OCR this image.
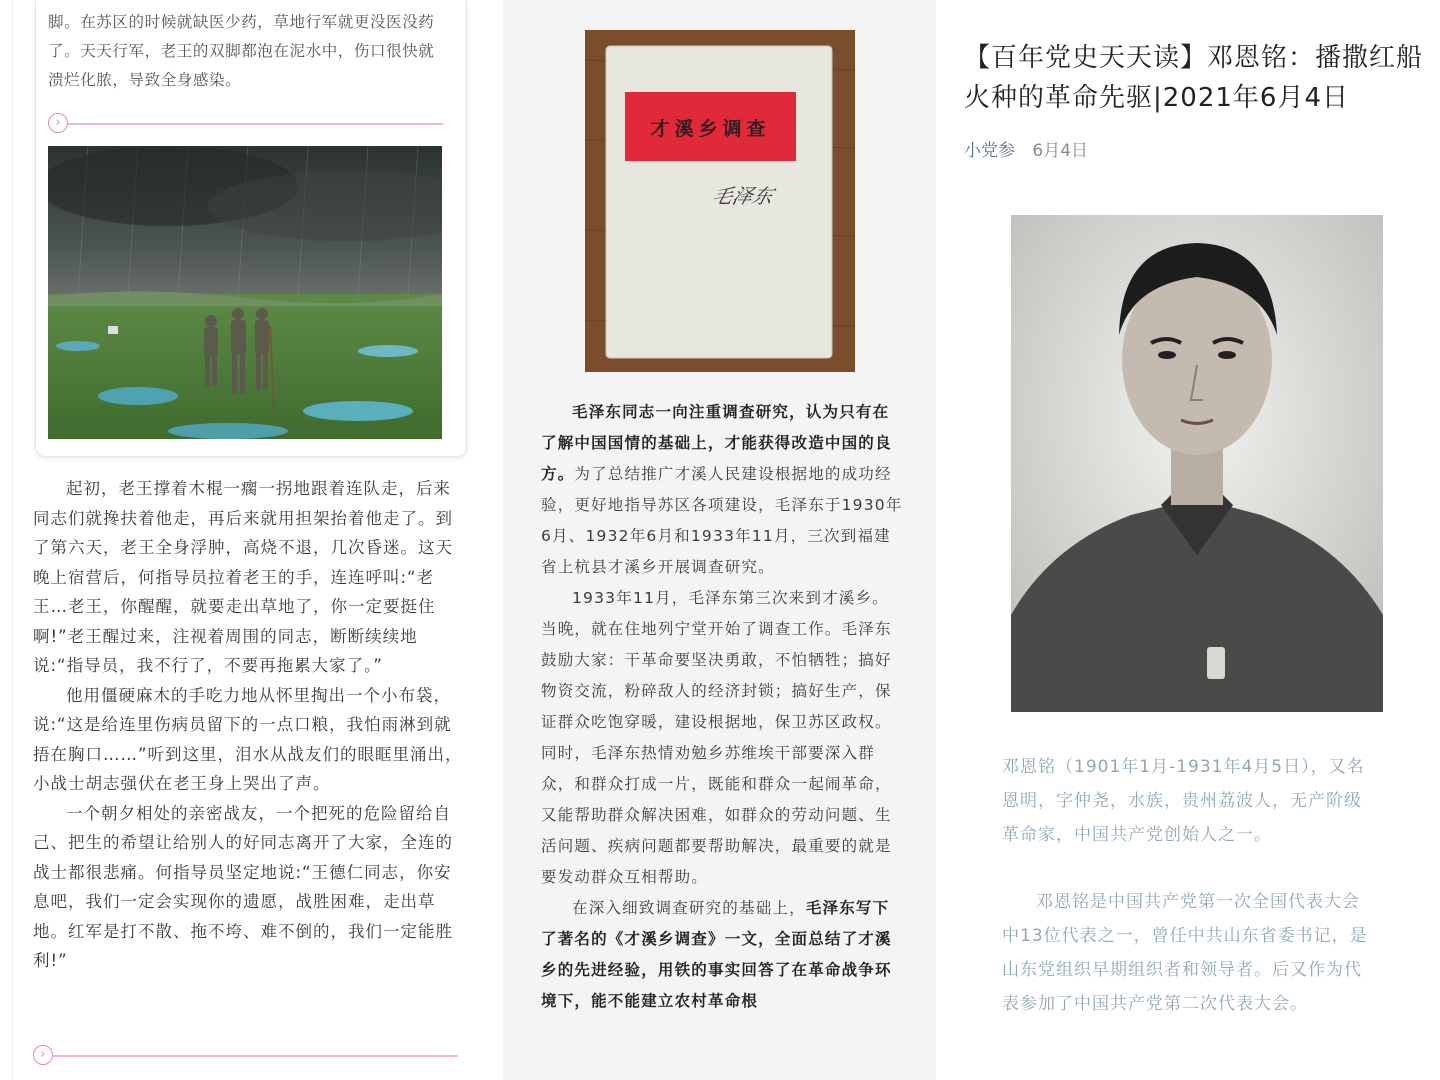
脚。在苏区的时候就缺医少药，草地行军就更没医没药了。天天行军，老王的双脚都泡在泥水中，伤口很快就溃烂化脓，导致全身感染。

›

起初，老王撑着木棍一瘸一拐地跟着连队走，后来同志们就搀扶着他走，再后来就用担架抬着他走了。到了第六天，老王全身浮肿，高烧不退，几次昏迷。这天晚上宿营后，何指导员拉着老王的手，连连呼叫:“老王…老王，你醒醒，就要走出草地了，你一定要挺住啊!”老王醒过来，注视着周围的同志，断断续续地说:“指导员，我不行了，不要再拖累大家了。”

他用僵硬麻木的手吃力地从怀里掏出一个小布袋，说:“这是给连里伤病员留下的一点口粮，我怕雨淋到就捂在胸口……”听到这里，泪水从战友们的眼眶里涌出，小战士胡志强伏在老王身上哭出了声。

一个朝夕相处的亲密战友，一个把死的危险留给自己、把生的希望让给别人的好同志离开了大家，全连的战士都很悲痛。何指导员坚定地说:“王德仁同志，你安息吧，我们一定会实现你的遗愿，战胜困难，走出草地。红军是打不散、拖不垮、难不倒的，我们一定能胜利!”

›
才溪乡调查
毛泽东

毛泽东同志一向注重调查研究，认为只有在了解中国国情的基础上，才能获得改造中国的良方。为了总结推广才溪人民建设根据地的成功经验，更好地指导苏区各项建设，毛泽东于1930年6月、1932年6月和1933年11月，三次到福建省上杭县才溪乡开展调查研究。

1933年11月，毛泽东第三次来到才溪乡。当晚，就在住地列宁堂开始了调查工作。毛泽东鼓励大家：干革命要坚决勇敢，不怕牺牲；搞好物资交流，粉碎敌人的经济封锁；搞好生产，保证群众吃饱穿暖，建设根据地，保卫苏区政权。同时，毛泽东热情劝勉乡苏维埃干部要深入群众，和群众打成一片，既能和群众一起闹革命，又能帮助群众解决困难，如群众的劳动问题、生活问题、疾病问题都要帮助解决，最重要的就是要发动群众互相帮助。

在深入细致调查研究的基础上，毛泽东写下了著名的《才溪乡调查》一文，全面总结了才溪乡的先进经验，用铁的事实回答了在革命战争环境下，能不能建立农村革命根

【百年党史天天读】邓恩铭：播撒红船火种的革命先驱|2021年6月4日
小党参 6月4日

邓恩铭（1901年1月-1931年4月5日），又名恩明，字仲尧，水族，贵州荔波人，无产阶级革命家，中国共产党创始人之一。

邓恩铭是中国共产党第一次全国代表大会中13位代表之一，曾任中共山东省委书记，是山东党组织早期组织者和领导者。后又作为代表参加了中国共产党第二次代表大会。
